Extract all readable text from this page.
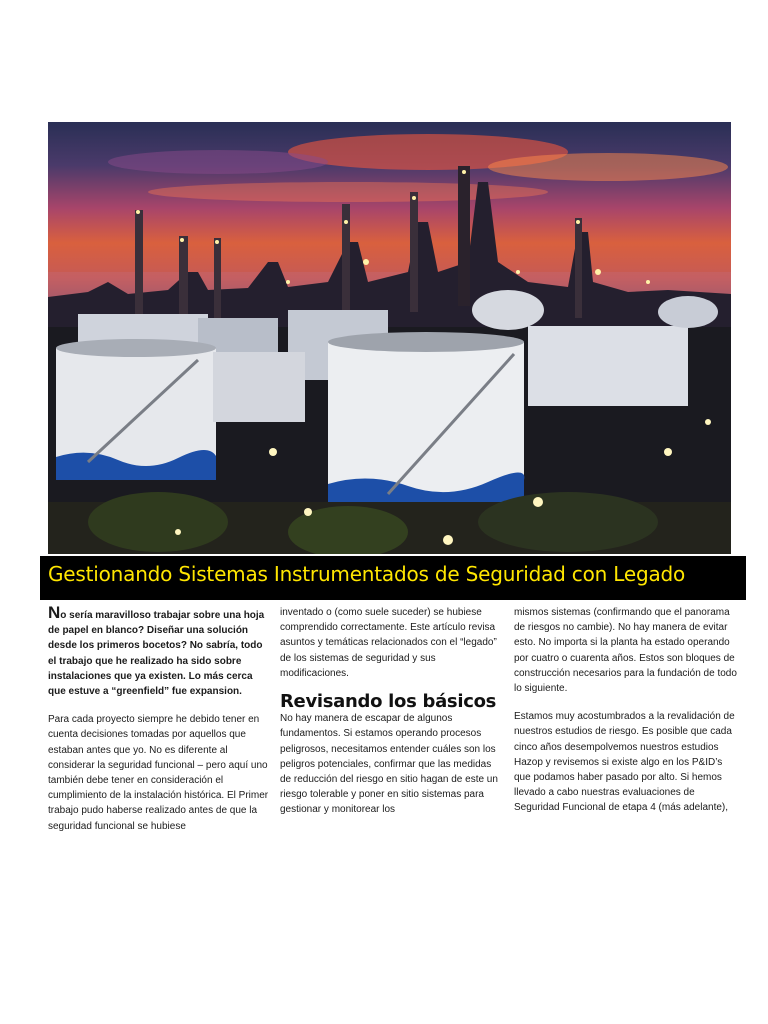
Gestionando Sistemas Instrumentados de Seguridad con Legado

No sería maravilloso trabajar sobre una hoja de papel en blanco? Diseñar una solución desde los primeros bocetos? No sabría, todo el trabajo que he realizado ha sido sobre instalaciones que ya existen. Lo más cerca que estuve a “greenfield” fue expansion.

Para cada proyecto siempre he debido tener en cuenta decisiones tomadas por aquellos que estaban antes que yo. No es diferente al considerar la seguridad funcional – pero aquí uno también debe tener en consideración el cumplimiento de la instalación histórica. El Primer trabajo pudo haberse realizado antes de que la seguridad funcional se hubiese

inventado o (como suele suceder) se hubiese comprendido correctamente. Este artículo revisa asuntos y temáticas relacionados con el “legado” de los sistemas de seguridad y sus modificaciones.

Revisando los básicos

No hay manera de escapar de algunos fundamentos. Si estamos operando procesos peligrosos, necesitamos entender cuáles son los peligros potenciales, confirmar que las medidas de reducción del riesgo en sitio hagan de este un riesgo tolerable y poner en sitio sistemas para gestionar y monitorear los

mismos sistemas (confirmando que el panorama de riesgos no cambie). No hay manera de evitar esto. No importa si la planta ha estado operando por cuatro o cuarenta años. Estos son bloques de construcción necesarios para la fundación de todo lo siguiente.

Estamos muy acostumbrados a la revalidación de nuestros estudios de riesgo. Es posible que cada cinco años desempolvemos nuestros estudios Hazop y revisemos si existe algo en los P&ID’s que podamos haber pasado por alto. Si hemos llevado a cabo nuestras evaluaciones de Seguridad Funcional de etapa 4 (más adelante),
